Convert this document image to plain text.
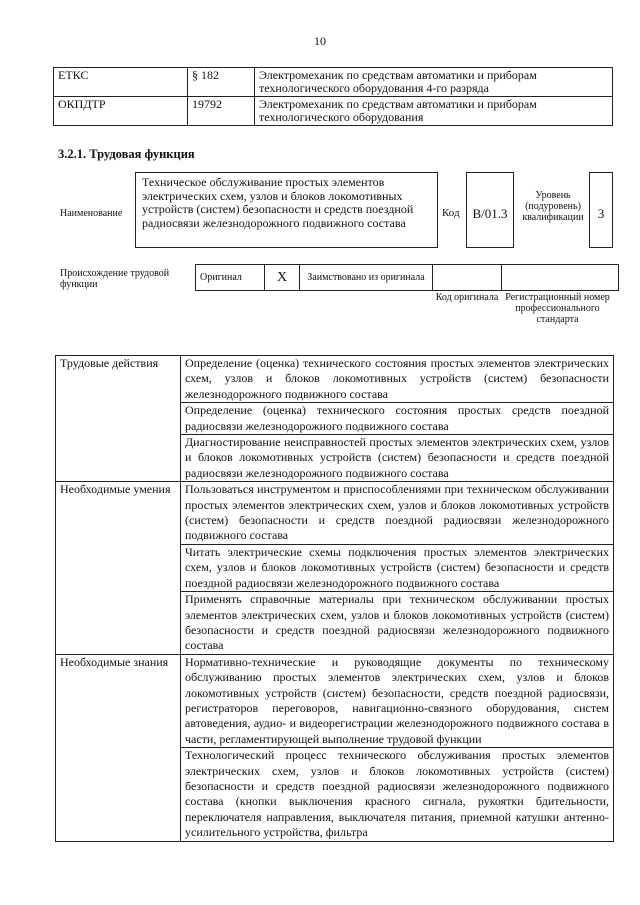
10
ЕТКС	§ 182	Электромеханик по средствам автоматики и приборам технологического оборудования 4-го разряда
ОКПДТР	19792	Электромеханик по средствам автоматики и приборам технологического оборудования
3.2.1. Трудовая функция
Наименование
Техническое обслуживание простых элементов электрических схем, узлов и блоков локомотивных устройств (систем) безопасности и средств поездной радиосвязи железнодорожного подвижного состава
Код B/01.3
Уровень (подуровень) квалификации	3
Происхождение трудовой функции
Оригинал	X	Заимствовано из оригинала		
Код оригинала Регистрационный номер профессионального стандарта
Трудовые действия	Определение (оценка) технического состояния простых элементов электрических схем, узлов и блоков локомотивных устройств (систем) безопасности железнодорожного подвижного состава
	Определение (оценка) технического состояния простых средств поездной радиосвязи железнодорожного подвижного состава
	Диагностирование неисправностей простых элементов электрических схем, узлов и блоков локомотивных устройств (систем) безопасности и средств поездной радиосвязи железнодорожного подвижного состава
Необходимые умения	Пользоваться инструментом и приспособлениями при техническом обслуживании простых элементов электрических схем, узлов и блоков локомотивных устройств (систем) безопасности и средств поездной радиосвязи железнодорожного подвижного состава
	Читать электрические схемы подключения простых элементов электрических схем, узлов и блоков локомотивных устройств (систем) безопасности и средств поездной радиосвязи железнодорожного подвижного состава
	Применять справочные материалы при техническом обслуживании простых элементов электрических схем, узлов и блоков локомотивных устройств (систем) безопасности и средств поездной радиосвязи железнодорожного подвижного состава
Необходимые знания	Нормативно-технические и руководящие документы по техническому обслуживанию простых элементов электрических схем, узлов и блоков локомотивных устройств (систем) безопасности, средств поездной радиосвязи, регистраторов переговоров, навигационно-связного оборудования, систем автоведения, аудио- и видеорегистрации железнодорожного подвижного состава в части, регламентирующей выполнение трудовой функции
	Технологический процесс технического обслуживания простых элементов электрических схем, узлов и блоков локомотивных устройств (систем) безопасности и средств поездной радиосвязи железнодорожного подвижного состава (кнопки выключения красного сигнала, рукоятки бдительности, переключателя направления, выключателя питания, приемной катушки антенно-усилительного устройства, фильтра
